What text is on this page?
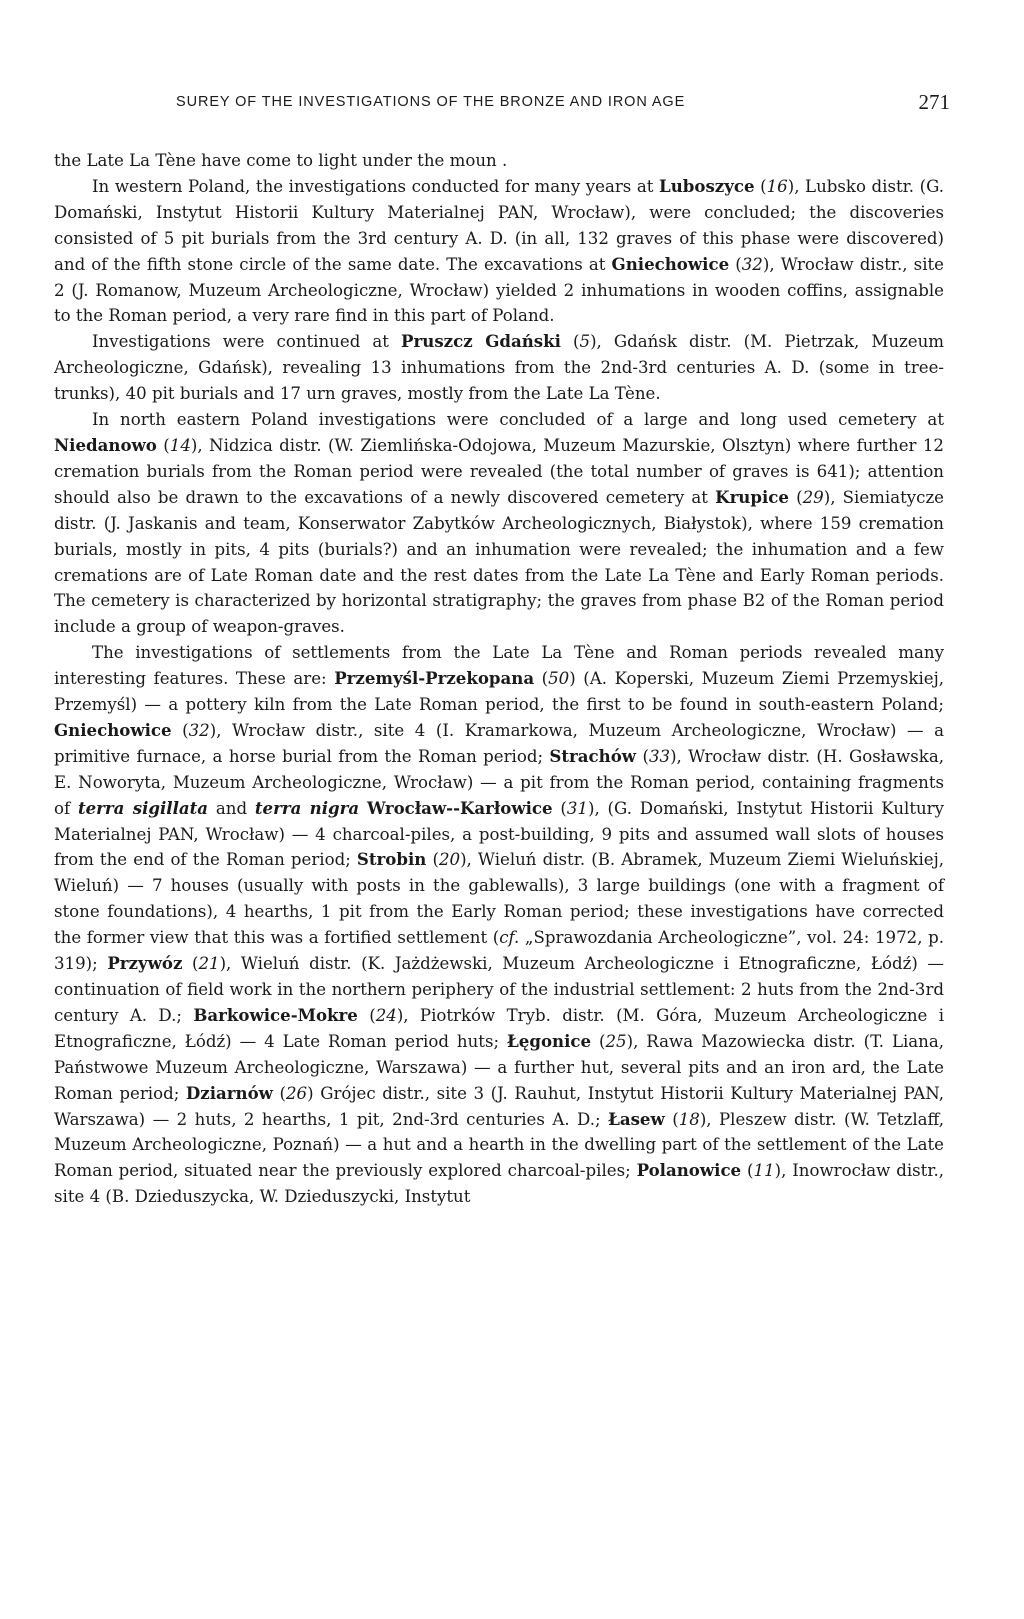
SUREY OF THE INVESTIGATIONS OF THE BRONZE AND IRON AGE	271

the Late La Tène have come to light under the moun .

In western Poland, the investigations conducted for many years at Luboszyce (16), Lubsko distr. (G. Domański, Instytut Historii Kultury Materialnej PAN, Wrocław), were concluded; the discoveries consisted of 5 pit burials from the 3rd century A. D. (in all, 132 graves of this phase were discovered) and of the fifth stone circle of the same date. The excavations at Gniechowice (32), Wrocław distr., site 2 (J. Romanow, Muzeum Archeologiczne, Wrocław) yielded 2 inhumations in wooden coffins, assignable to the Roman period, a very rare find in this part of Poland.

Investigations were continued at Pruszcz Gdański (5), Gdańsk distr. (M. Pietrzak, Muzeum Archeologiczne, Gdańsk), revealing 13 inhumations from the 2nd-3rd centuries A. D. (some in tree-trunks), 40 pit burials and 17 urn graves, mostly from the Late La Tène.

In north eastern Poland investigations were concluded of a large and long used cemetery at Niedanowo (14), Nidzica distr. (W. Ziemlińska-Odojowa, Muzeum Mazurskie, Olsztyn) where further 12 cremation burials from the Roman period were revealed (the total number of graves is 641); attention should also be drawn to the excavations of a newly discovered cemetery at Krupice (29), Siemiatycze distr. (J. Jaskanis and team, Konserwator Zabytków Archeologicznych, Białystok), where 159 cremation burials, mostly in pits, 4 pits (burials?) and an inhumation were revealed; the inhumation and a few cremations are of Late Roman date and the rest dates from the Late La Tène and Early Roman periods. The cemetery is characterized by horizontal stratigraphy; the graves from phase B2 of the Roman period include a group of weapon-graves.

The investigations of settlements from the Late La Tène and Roman periods revealed many interesting features. These are: Przemyśl-Przekopana (50) (A. Koperski, Muzeum Ziemi Przemyskiej, Przemyśl) — a pottery kiln from the Late Roman period, the first to be found in south-eastern Poland; Gniechowice (32), Wrocław distr., site 4 (I. Kramarkowa, Muzeum Archeologiczne, Wrocław) — a primitive furnace, a horse burial from the Roman period; Strachów (33), Wrocław distr. (H. Gosławska, E. Noworyta, Muzeum Archeologiczne, Wrocław) — a pit from the Roman period, containing fragments of terra sigillata and terra nigra Wrocław--Karłowice (31), (G. Domański, Instytut Historii Kultury Materialnej PAN, Wrocław) — 4 charcoal-piles, a post-building, 9 pits and assumed wall slots of houses from the end of the Roman period; Strobin (20), Wieluń distr. (B. Abramek, Muzeum Ziemi Wieluńskiej, Wieluń) — 7 houses (usually with posts in the gablewalls), 3 large buildings (one with a fragment of stone foundations), 4 hearths, 1 pit from the Early Roman period; these investigations have corrected the former view that this was a fortified settlement (cf. „Sprawozdania Archeologiczne”, vol. 24: 1972, p. 319); Przywóz (21), Wieluń distr. (K. Jażdżewski, Muzeum Archeologiczne i Etnograficzne, Łódź) — continuation of field work in the northern periphery of the industrial settlement: 2 huts from the 2nd-3rd century A. D.; Barkowice-Mokre (24), Piotrków Tryb. distr. (M. Góra, Muzeum Archeologiczne i Etnograficzne, Łódź) — 4 Late Roman period huts; Łęgonice (25), Rawa Mazowiecka distr. (T. Liana, Państwowe Muzeum Archeologiczne, Warszawa) — a further hut, several pits and an iron ard, the Late Roman period; Dziarnów (26) Grójec distr., site 3 (J. Rauhut, Instytut Historii Kultury Materialnej PAN, Warszawa) — 2 huts, 2 hearths, 1 pit, 2nd-3rd centuries A. D.; Łasew (18), Pleszew distr. (W. Tetzlaff, Muzeum Archeologiczne, Poznań) — a hut and a hearth in the dwelling part of the settlement of the Late Roman period, situated near the previously explored charcoal-piles; Polanowice (11), Inowrocław distr., site 4 (B. Dzieduszycka, W. Dzieduszycki, Instytut
